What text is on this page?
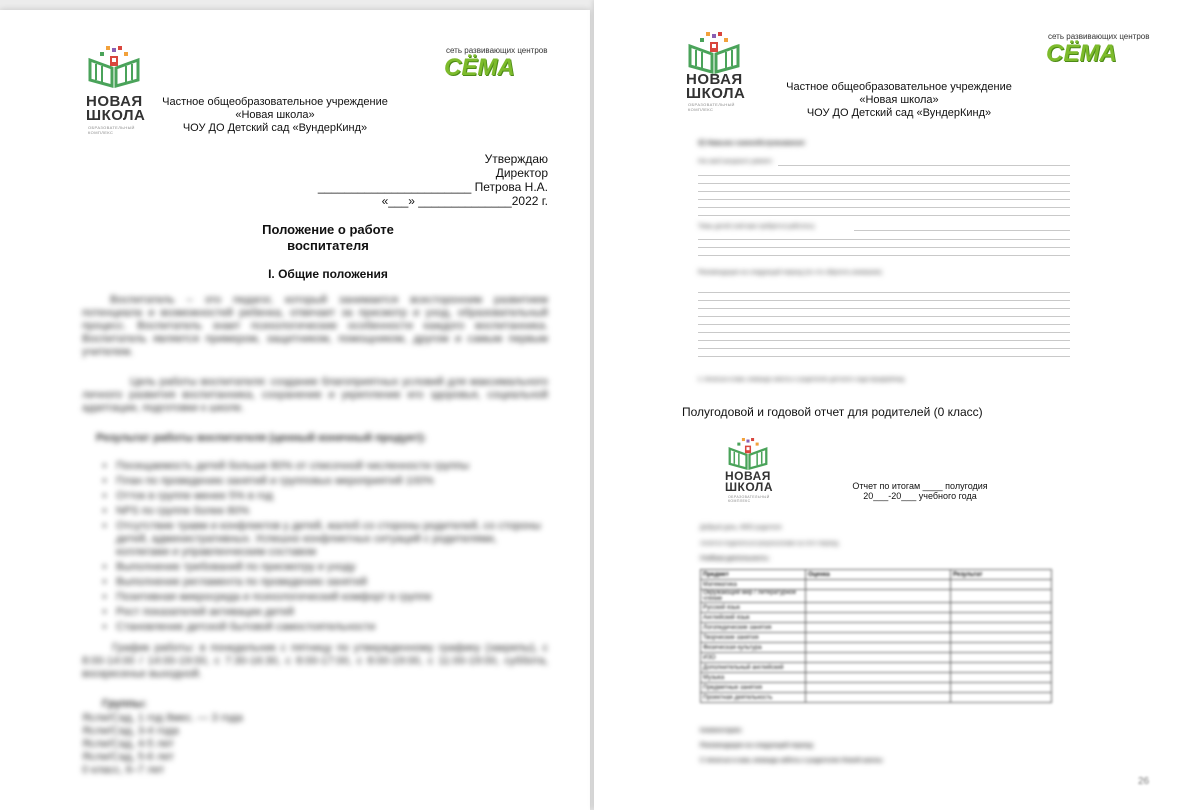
НОВАЯ
ШКОЛА
ОБРАЗОВАТЕЛЬНЫЙ КОМПЛЕКС
сеть развивающих центров
СЁМА
Частное общеобразовательное учреждение
«Новая школа»
ЧОУ ДО Детский сад «ВундерКинд»
Утверждаю
Директор
_______________________ Петрова Н.А.
«___» ______________2022 г.
Положение о работе
воспитателя
I. Общие положения
Воспитатель – это педагог, который занимается всесторонним развитием потенциала и возможностей ребенка, отвечает за присмотр и уход, образовательный процесс. Воспитатель знает психологические особенности каждого воспитанника. Воспитатель является примером, защитником, помощником, другом и самым первым учителем.
Цель работы воспитателя: создание благоприятных условий для максимального личного развития воспитанника, сохранение и укрепление его здоровья, социальной адаптации, подготовки к школе.
Результат работы воспитателя (ценный конечный продукт):
• Посещаемость детей больше 80% от списочной численности группы
• План по проведению занятий и групповых мероприятий 100%
• Отток в группе менее 5% в год
• NPS по группе более 80%
• Отсутствие травм и конфликтов у детей, жалоб со стороны родителей, со стороны детей, административных. Успешно конфликтных ситуаций с родителями, коллегами и управленческим составом
• Выполнение требований по присмотру и уходу
• Выполнение регламента по проведению занятий
• Позитивная микросреда и психологический комфорт в группе
• Рост показателей активации детей
• Становление детской бытовой самостоятельности
График работы: в понедельник с пятницу по утвержденному графику (закрепы), с 8:00-14:00 / 14:00-19:00, с 7:30-16:30, с 8:00-17:00, с 8:00-19:00, с 11:00-19:00, суббота, воскресенье выходной.
Группы:
Ясли/Сад, 1 год 8мес. — 3 года
Ясли/Сад, 3-4 года
Ясли/Сад, 4-5 лет
Ясли/Сад, 5-6 лет
0 класс, 6–7 лет
НОВАЯ
ШКОЛА
ОБРАЗОВАТЕЛЬНЫЙ КОМПЛЕКС
сеть развивающих центров
СЁМА
Частное общеобразовательное учреждение
«Новая школа»
ЧОУ ДО Детский сад «ВундерКинд»
б) Навыки самообслуживания:
На свой возраст умеет:
Темы детей (чей вам требуется работать)
Рекомендации на следующий период (по что обратить внимание)
С печатью в вам, команда заботы о родителях детского сада ВундерКинд
Полугодовой и годовой отчет для родителей (0 класс)
НОВАЯ
ШКОЛА
ОБРАЗОВАТЕЛЬНЫЙ КОМПЛЕКС
Отчет по итогам ____ полугодия
20___-20___ учебного года
Добрый день, ФИО родителя
Хочется поделиться результатами за этот период.
Учебная деятельность:
Предмет	Оценка	Результат
Математика		
Окружающий мир / литературное чтение		
Русский язык		
Английский язык		
Логопедические занятия		
Творческие занятия		
Физическая культура		
ИЗО		
Дополнительный английский		
Музыка		
Предметные занятия		
Проектная деятельность		
Комментарии:
Рекомендации на следующий период:
С печатью в вам, команда заботы о родителях Новой школы
26
